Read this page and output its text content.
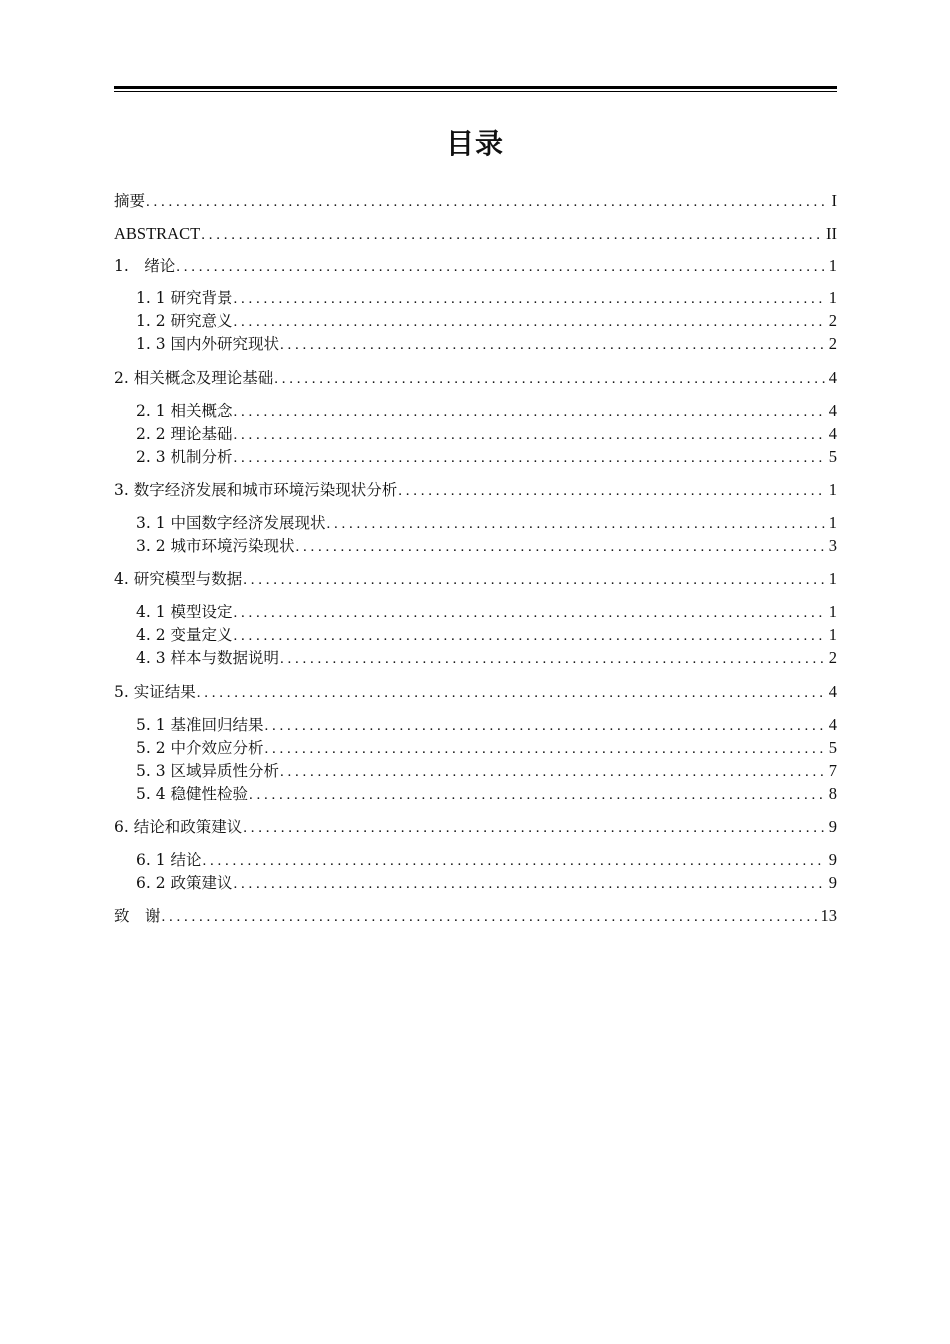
目录
摘要 . . .	I
ABSTRACT . . .	II
1.　绪论 . . .	1
1. 1 研究背景 . . .	1
1. 2 研究意义 . . .	2
1. 3 国内外研究现状 . . .	2
2. 相关概念及理论基础 . . .	4
2. 1 相关概念 . . .	4
2. 2 理论基础 . . .	4
2. 3 机制分析 . . .	5
3. 数字经济发展和城市环境污染现状分析 . . .	1
3. 1 中国数字经济发展现状 . . .	1
3. 2 城市环境污染现状 . . .	3
4. 研究模型与数据 . . .	1
4. 1 模型设定 . . .	1
4. 2 变量定义 . . .	1
4. 3 样本与数据说明 . . .	2
5. 实证结果 . . .	4
5. 1 基准回归结果 . . .	4
5. 2 中介效应分析 . . .	5
5. 3 区域异质性分析 . . .	7
5. 4 稳健性检验 . . .	8
6. 结论和政策建议 . . .	9
6. 1 结论 . . .	9
6. 2 政策建议 . . .	9
致　谢 . . .	13
